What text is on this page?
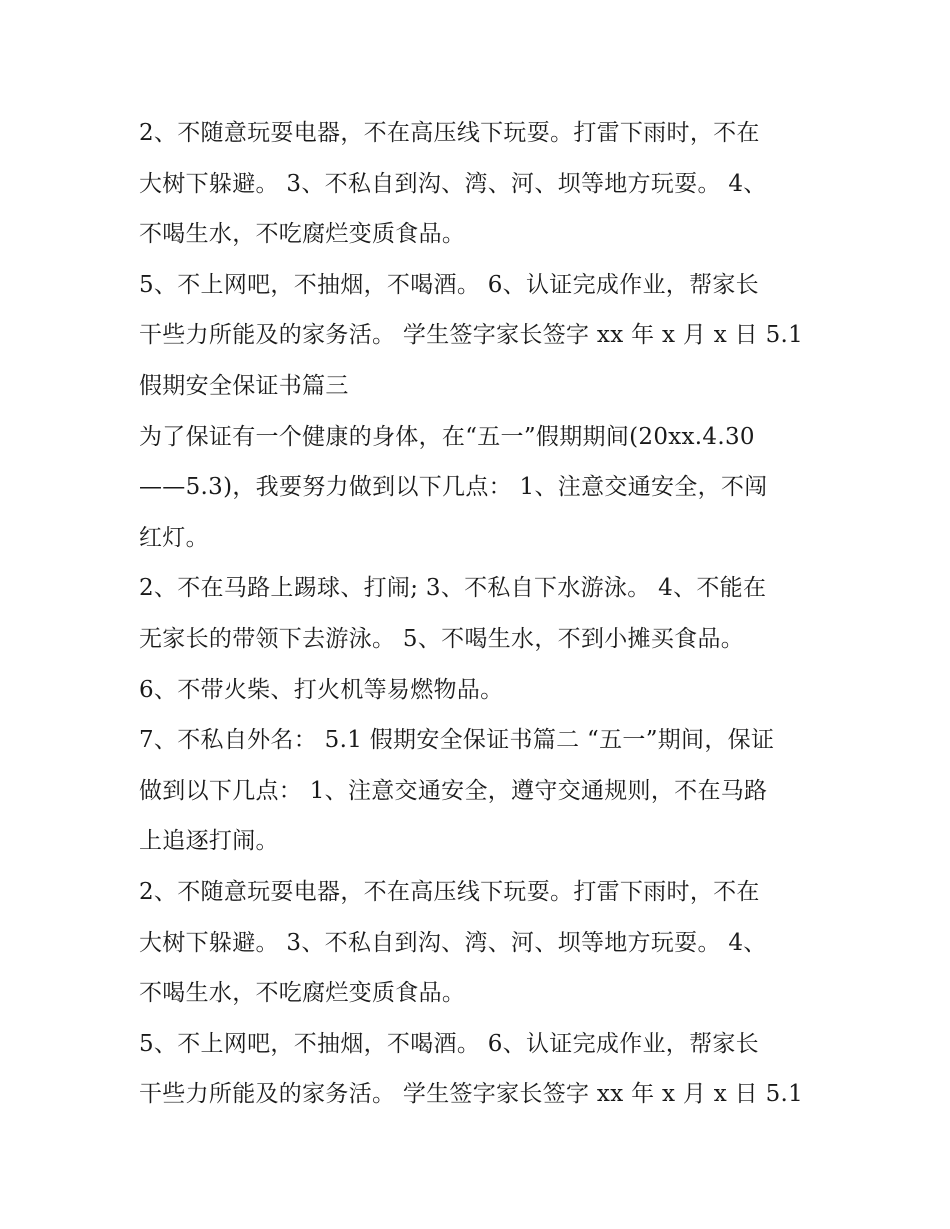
2、不随意玩耍电器，不在高压线下玩耍。打雷下雨时，不在
大树下躲避。 3、不私自到沟、湾、河、坝等地方玩耍。 4、
不喝生水，不吃腐烂变质食品。
5、不上网吧，不抽烟，不喝酒。 6、认证完成作业，帮家长
干些力所能及的家务活。 学生签字家长签字 xx 年 x 月 x 日 5.1
假期安全保证书篇三
为了保证有一个健康的身体，在“五一”假期期间(20xx.4.30
——5.3)，我要努力做到以下几点： 1、注意交通安全，不闯
红灯。
2、不在马路上踢球、打闹; 3、不私自下水游泳。 4、不能在
无家长的带领下去游泳。 5、不喝生水，不到小摊买食品。
6、不带火柴、打火机等易燃物品。
7、不私自外名： 5.1 假期安全保证书篇二 “五一”期间，保证
做到以下几点： 1、注意交通安全，遵守交通规则，不在马路
上追逐打闹。
2、不随意玩耍电器，不在高压线下玩耍。打雷下雨时，不在
大树下躲避。 3、不私自到沟、湾、河、坝等地方玩耍。 4、
不喝生水，不吃腐烂变质食品。
5、不上网吧，不抽烟，不喝酒。 6、认证完成作业，帮家长
干些力所能及的家务活。 学生签字家长签字 xx 年 x 月 x 日 5.1
